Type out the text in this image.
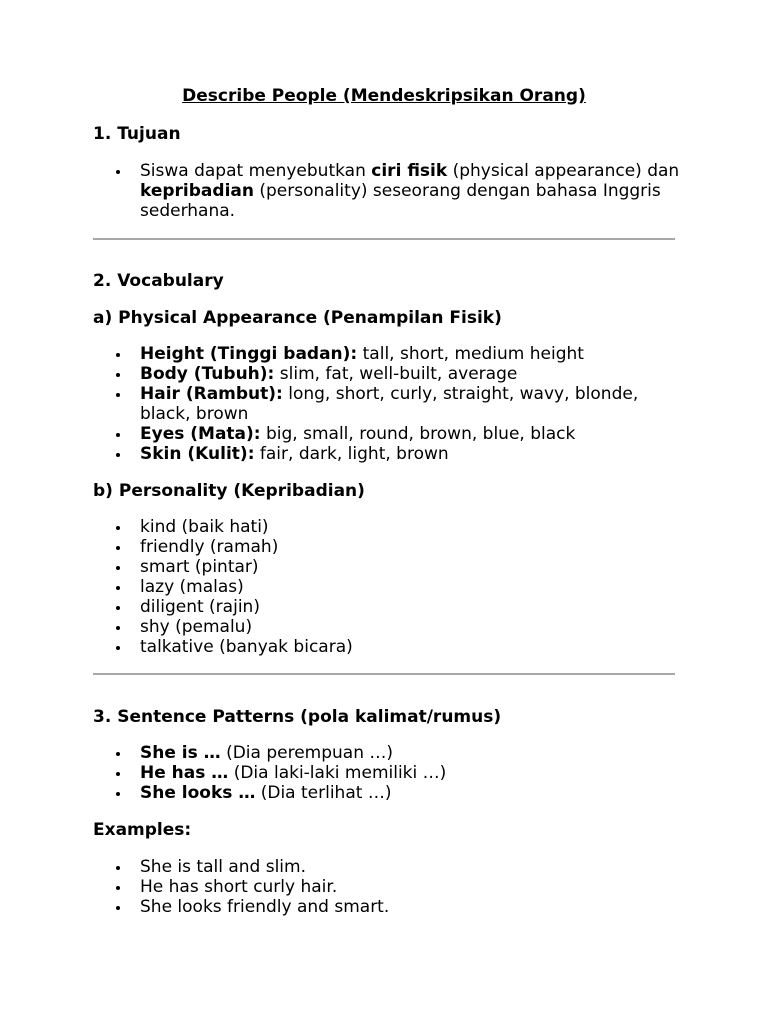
Describe People (Mendeskripsikan Orang)
1. Tujuan
Siswa dapat menyebutkan ciri fisik (physical appearance) dan kepribadian (personality) seseorang dengan bahasa Inggris sederhana.
2. Vocabulary
a) Physical Appearance (Penampilan Fisik)
Height (Tinggi badan): tall, short, medium height
Body (Tubuh): slim, fat, well-built, average
Hair (Rambut): long, short, curly, straight, wavy, blonde, black, brown
Eyes (Mata): big, small, round, brown, blue, black
Skin (Kulit): fair, dark, light, brown
b) Personality (Kepribadian)
kind (baik hati)
friendly (ramah)
smart (pintar)
lazy (malas)
diligent (rajin)
shy (pemalu)
talkative (banyak bicara)
3. Sentence Patterns (pola kalimat/rumus)
She is … (Dia perempuan …)
He has … (Dia laki-laki memiliki …)
She looks … (Dia terlihat …)
Examples:
She is tall and slim.
He has short curly hair.
She looks friendly and smart.
